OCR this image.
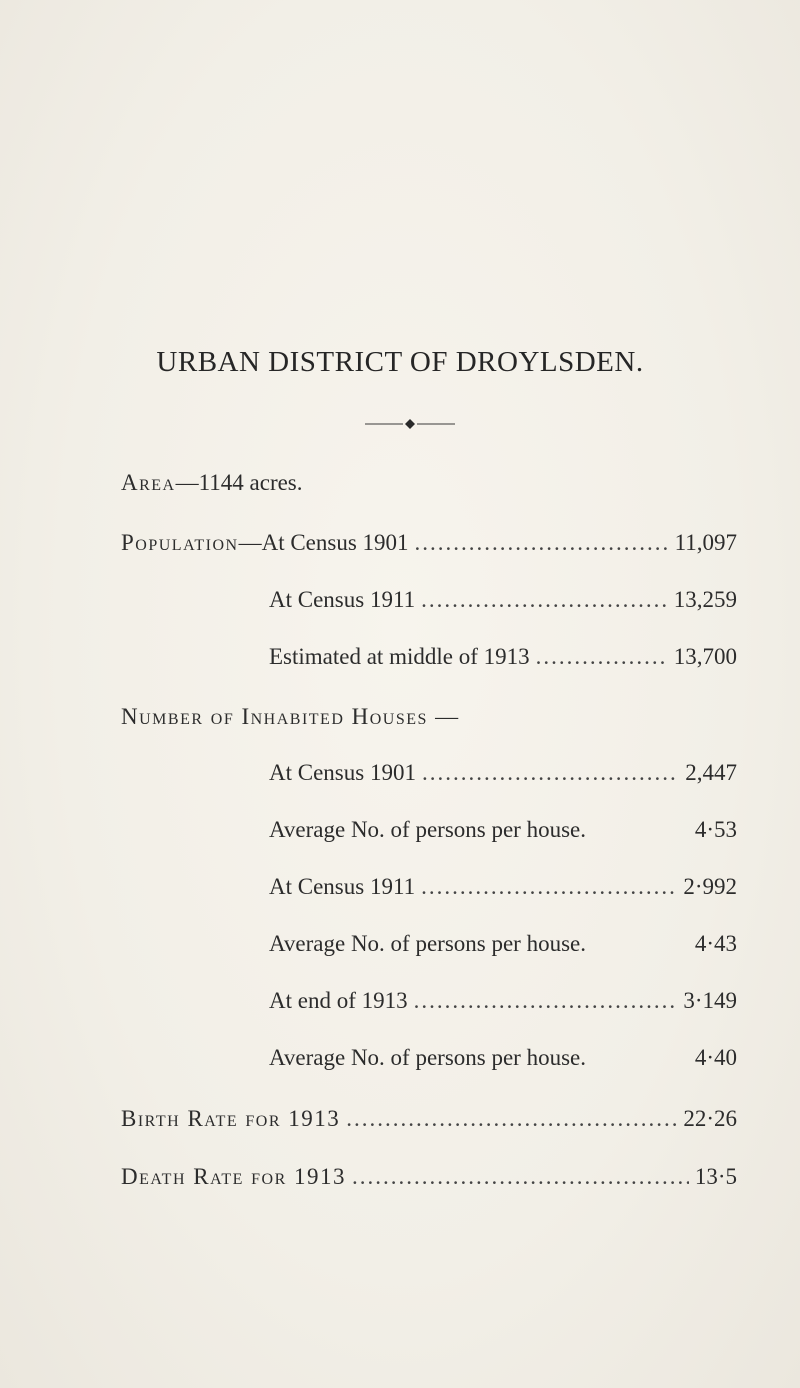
URBAN DISTRICT OF DROYLSDEN.
Area—1144 acres.
Population—At Census 1901 .....	11,097
At Census 1911 .....	13,259
Estimated at middle of 1913 .....	13,700
Number of Inhabited Houses —
At Census 1901 .....	2,447
Average No. of persons per house.	4·53
At Census 1911 .....	2·992
Average No. of persons per house.	4·43
At end of 1913 .....	3·149
Average No. of persons per house.	4·40
Birth Rate for 1913 .....	22·26
Death Rate for 1913 .....	13·5
